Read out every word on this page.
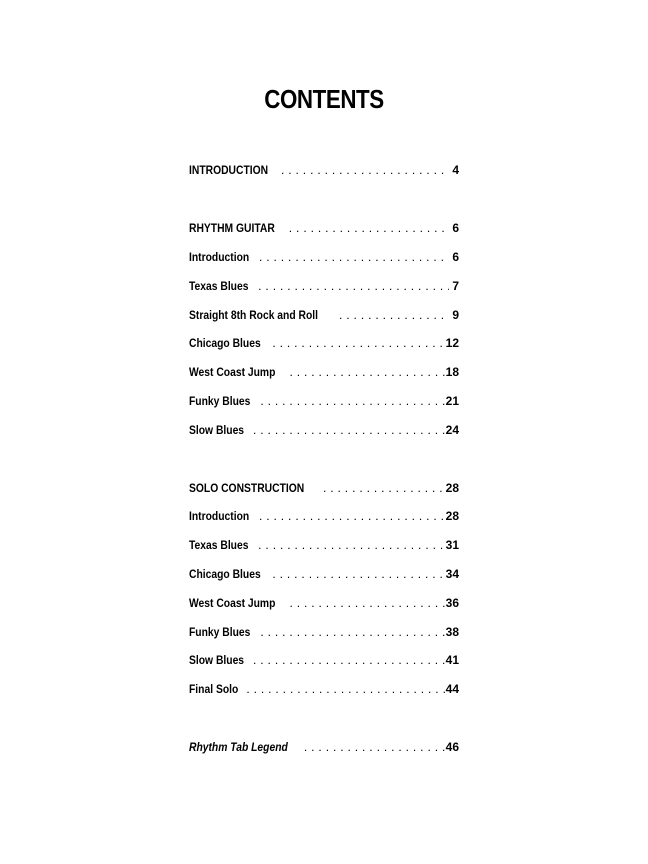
CONTENTS
INTRODUCTION . . .	4
RHYTHM GUITAR . . .	6
Introduction . . .	6
Texas Blues . . .	7
Straight 8th Rock and Roll . . .	9
Chicago Blues . . .	12
West Coast Jump . . .	18
Funky Blues . . .	21
Slow Blues . . .	24
SOLO CONSTRUCTION . . .	28
Introduction . . .	28
Texas Blues . . .	31
Chicago Blues . . .	34
West Coast Jump . . .	36
Funky Blues . . .	38
Slow Blues . . .	41
Final Solo . . .	44
Rhythm Tab Legend . . .	46
